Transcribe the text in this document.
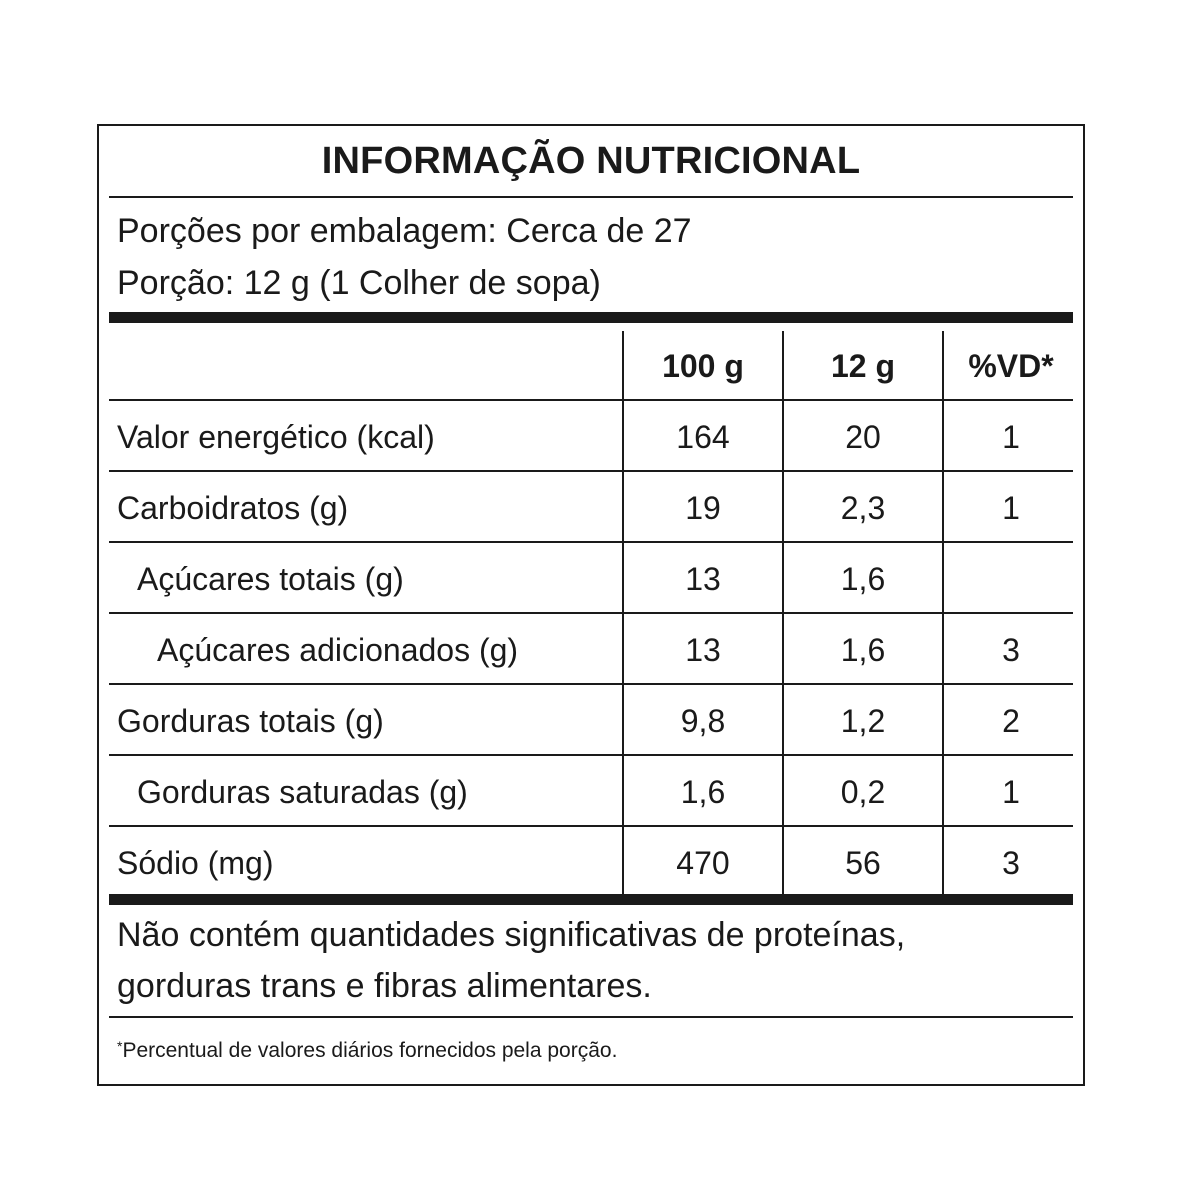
INFORMAÇÃO NUTRICIONAL
Porções por embalagem: Cerca de 27
Porção: 12 g (1 Colher de sopa)
100 g	12 g	%VD*
Valor energético (kcal)	164	20	1
Carboidratos (g)	19	2,3	1
Açúcares totais (g)	13	1,6
Açúcares adicionados (g)	13	1,6	3
Gorduras totais (g)	9,8	1,2	2
Gorduras saturadas (g)	1,6	0,2	1
Sódio (mg)	470	56	3
Não contém quantidades significativas de proteínas,
gorduras trans e fibras alimentares.
*Percentual de valores diários fornecidos pela porção.
